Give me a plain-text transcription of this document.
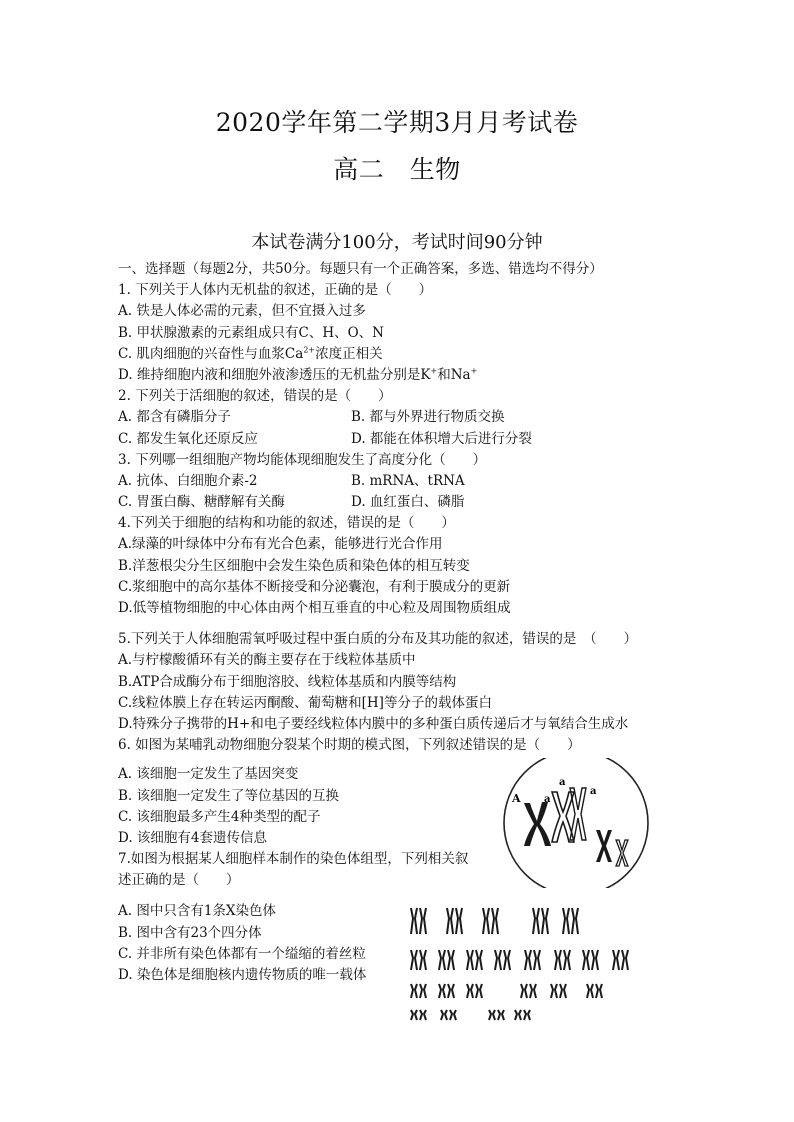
2020学年第二学期3月月考试卷
高二　生物
本试卷满分100分，考试时间90分钟
一、选择题（每题2分，共50分。每题只有一个正确答案，多选、错选均不得分）
1. 下列关于人体内无机盐的叙述，正确的是（　　）
A. 铁是人体必需的元素，但不宜摄入过多
B. 甲状腺激素的元素组成只有C、H、O、N
C. 肌肉细胞的兴奋性与血浆$Ca^{2+}$浓度正相关
D. 维持细胞内液和细胞外液渗透压的无机盐分别是K+和Na+
2. 下列关于活细胞的叙述，错误的是（　　）
A. 都含有磷脂分子	B. 都与外界进行物质交换
C. 都发生氧化还原反应	D. 都能在体积增大后进行分裂
3. 下列哪一组细胞产物均能体现细胞发生了高度分化（　　）
A. 抗体、白细胞介素-2	B. mRNA、tRNA
C. 胃蛋白酶、糖酵解有关酶	D. 血红蛋白、磷脂
4.下列关于细胞的结构和功能的叙述，错误的是（　　）
A.绿藻的叶绿体中分布有光合色素，能够进行光合作用
B.洋葱根尖分生区细胞中会发生染色质和染色体的相互转变
C.浆细胞中的高尔基体不断接受和分泌囊泡，有利于膜成分的更新
D.低等植物细胞的中心体由两个相互垂直的中心粒及周围物质组成
5.下列关于人体细胞需氧呼吸过程中蛋白质的分布及其功能的叙述，错误的是　（　　）
A.与柠檬酸循环有关的酶主要存在于线粒体基质中
B.ATP合成酶分布于细胞溶胶、线粒体基质和内膜等结构
C.线粒体膜上存在转运丙酮酸、葡萄糖和[H]等分子的载体蛋白
D.特殊分子携带的H+和电子要经线粒体内膜中的多种蛋白质传递后才与氧结合生成水
6. 如图为某哺乳动物细胞分裂某个时期的模式图，下列叙述错误的是（　　）
A. 该细胞一定发生了基因突变
B. 该细胞一定发生了等位基因的互换
C. 该细胞最多产生4种类型的配子
D. 该细胞有4套遗传信息
7.如图为根据某人细胞样本制作的染色体组型，下列相关叙
述正确的是（　　）
A. 图中只含有1条X染色体
B. 图中含有23个四分体
C. 并非所有染色体都有一个缢缩的着丝粒
D. 染色体是细胞核内遗传物质的唯一载体
A a
a
a
